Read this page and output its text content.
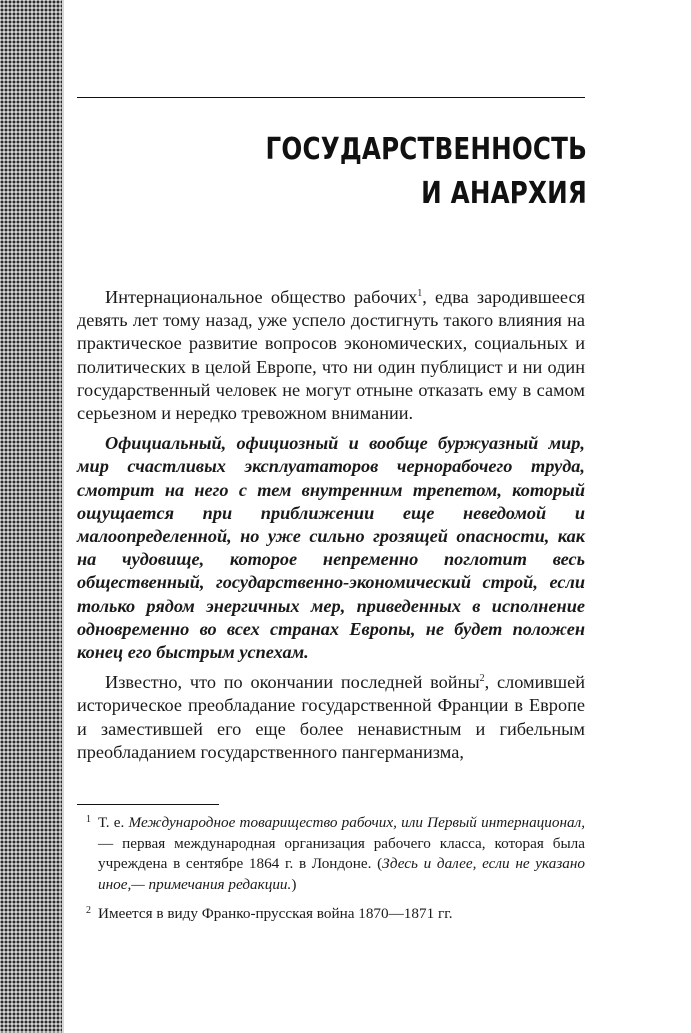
ГОСУДАРСТВЕННОСТЬ
И АНАРХИЯ

Интернациональное общество рабочих$^1$, едва зародившееся девять лет тому назад, уже успело достигнуть такого влияния на практическое развитие вопросов экономических, социальных и политических в целой Европе, что ни один публицист и ни один государственный человек не могут отныне отказать ему в самом серьезном и нередко тревожном внимании.

Официальный, официозный и вообще буржуазный мир, мир счастливых эксплуататоров чернорабочего труда, смотрит на него с тем внутренним трепетом, который ощущается при приближении еще неведомой и малоопределенной, но уже сильно грозящей опасности, как на чудовище, которое непременно поглотит весь общественный, государственно-экономический строй, если только рядом энергичных мер, приведенных в исполнение одновременно во всех странах Европы, не будет положен конец его быстрым успехам.

Известно, что по окончании последней войны$^2$, сломившей историческое преобладание государственной Франции в Европе и заместившей его еще более ненавистным и гибельным преобладанием государственного пангерманизма,

1 Т. е. Международное товарищество рабочих, или Первый интернационал,— первая международная организация рабочего класса, которая была учреждена в сентябре 1864 г. в Лондоне. (Здесь и далее, если не указано иное,— примечания редакции.)
2 Имеется в виду Франко-прусская война 1870—1871 гг.
